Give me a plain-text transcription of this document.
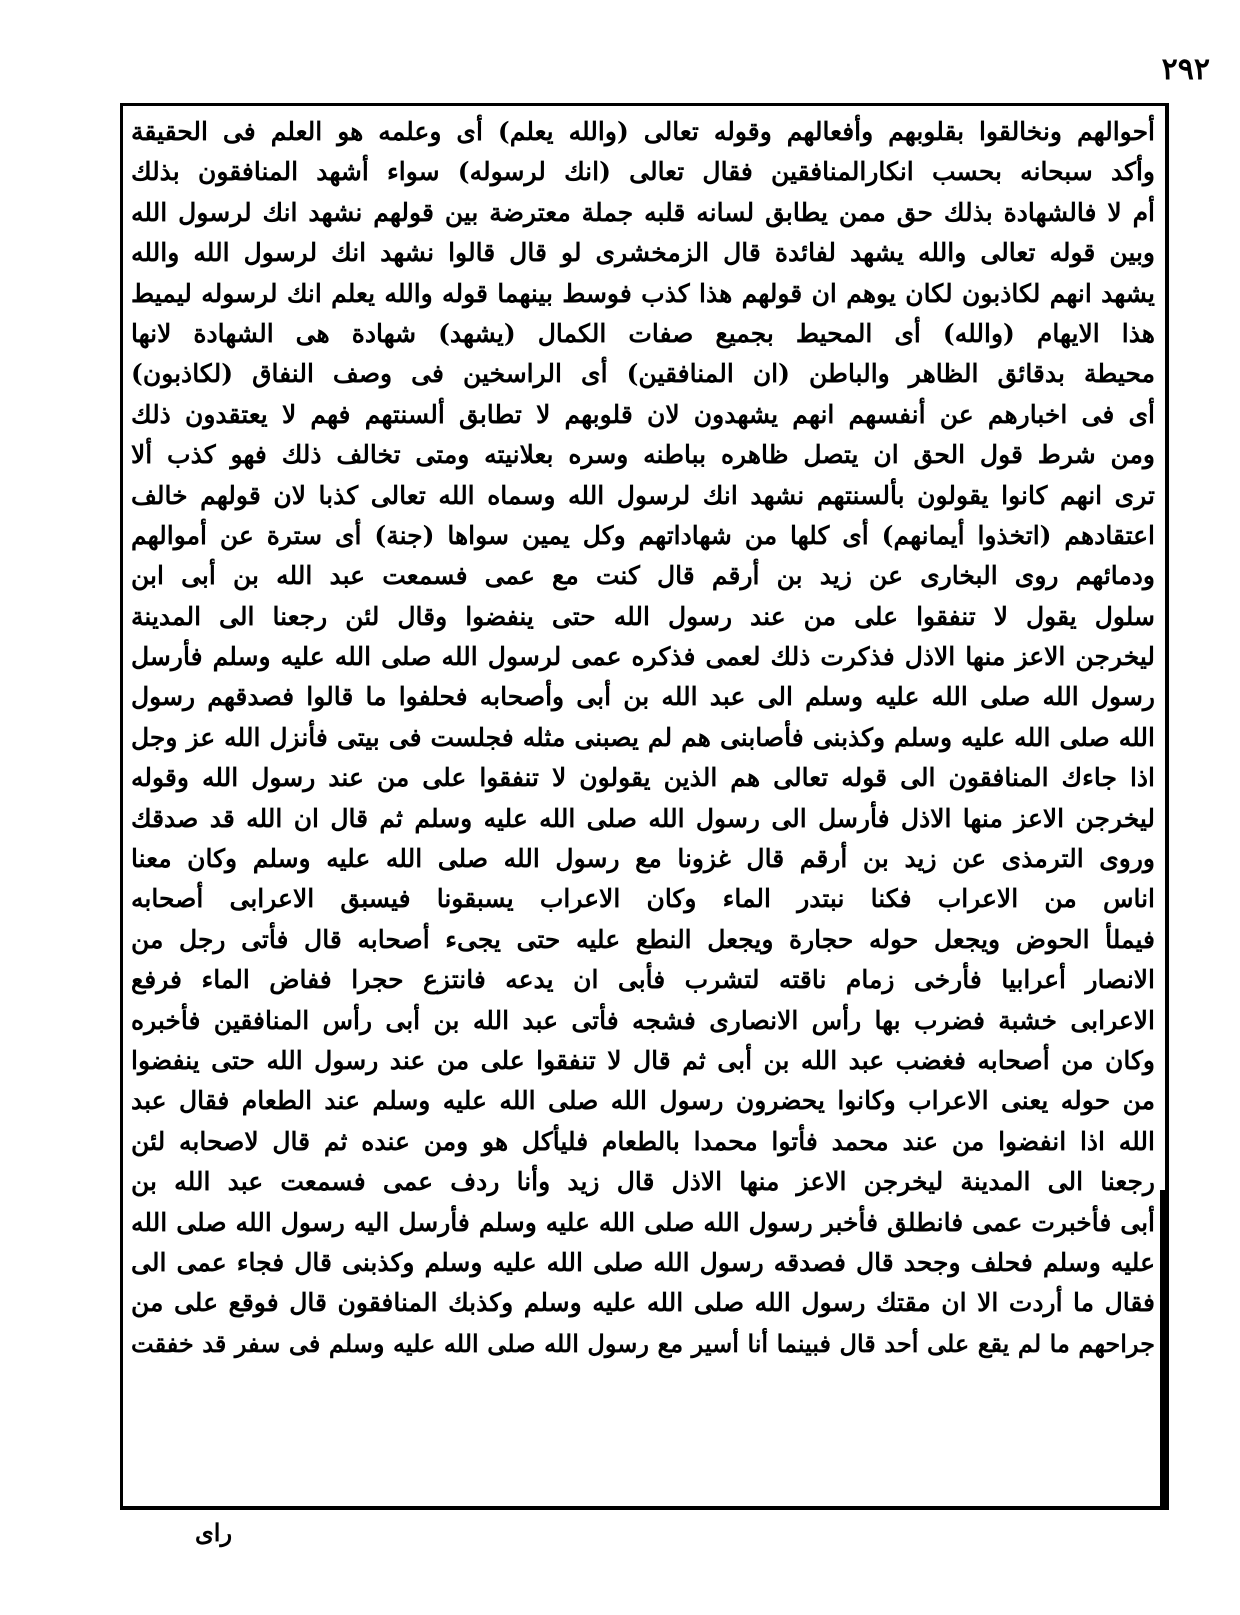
٢٩٢
أحوالهم ونخالقوا بقلوبهم وأفعالهم وقوله تعالى (والله يعلم) أى وعلمه هو العلم فى الحقيقة
وأكد سبحانه بحسب انكارالمنافقين فقال تعالى (انك لرسوله) سواء أشهد المنافقون بذلك
أم لا فالشهادة بذلك حق ممن يطابق لسانه قلبه جملة معترضة بين قولهم نشهد انك لرسول الله
وبين قوله تعالى والله يشهد لفائدة قال الزمخشرى لو قال قالوا نشهد انك لرسول الله والله
يشهد انهم لكاذبون لكان يوهم ان قولهم هذا كذب فوسط بينهما قوله والله يعلم انك لرسوله ليميط
هذا الايهام (والله) أى المحيط بجميع صفات الكمال (يشهد) شهادة هى الشهادة لانها
محيطة بدقائق الظاهر والباطن (ان المنافقين) أى الراسخين فى وصف النفاق (لكاذبون)
أى فى اخبارهم عن أنفسهم انهم يشهدون لان قلوبهم لا تطابق ألسنتهم فهم لا يعتقدون ذلك
ومن شرط قول الحق ان يتصل ظاهره بباطنه وسره بعلانيته ومتى تخالف ذلك فهو كذب ألا
ترى انهم كانوا يقولون بألسنتهم نشهد انك لرسول الله وسماه الله تعالى كذبا لان قولهم خالف
اعتقادهم (اتخذوا أيمانهم) أى كلها من شهاداتهم وكل يمين سواها (جنة) أى سترة عن أموالهم
ودمائهم روى البخارى عن زيد بن أرقم قال كنت مع عمى فسمعت عبد الله بن أبى ابن
سلول يقول لا تنفقوا على من عند رسول الله حتى ينفضوا وقال لئن رجعنا الى المدينة
ليخرجن الاعز منها الاذل فذكرت ذلك لعمى فذكره عمى لرسول الله صلى الله عليه وسلم فأرسل
رسول الله صلى الله عليه وسلم الى عبد الله بن أبى وأصحابه فحلفوا ما قالوا فصدقهم رسول
الله صلى الله عليه وسلم وكذبنى فأصابنى هم لم يصبنى مثله فجلست فى بيتى فأنزل الله عز وجل
اذا جاءك المنافقون الى قوله تعالى هم الذين يقولون لا تنفقوا على من عند رسول الله وقوله
ليخرجن الاعز منها الاذل فأرسل الى رسول الله صلى الله عليه وسلم ثم قال ان الله قد صدقك
وروى الترمذى عن زيد بن أرقم قال غزونا مع رسول الله صلى الله عليه وسلم وكان معنا
اناس من الاعراب فكنا نبتدر الماء وكان الاعراب يسبقونا فيسبق الاعرابى أصحابه
فيملأ الحوض ويجعل حوله حجارة ويجعل النطع عليه حتى يجىء أصحابه قال فأتى رجل من
الانصار أعرابيا فأرخى زمام ناقته لتشرب فأبى ان يدعه فانتزع حجرا ففاض الماء فرفع
الاعرابى خشبة فضرب بها رأس الانصارى فشجه فأتى عبد الله بن أبى رأس المنافقين فأخبره
وكان من أصحابه فغضب عبد الله بن أبى ثم قال لا تنفقوا على من عند رسول الله حتى ينفضوا
من حوله يعنى الاعراب وكانوا يحضرون رسول الله صلى الله عليه وسلم عند الطعام فقال عبد
الله اذا انفضوا من عند محمد فأتوا محمدا بالطعام فليأكل هو ومن عنده ثم قال لاصحابه لئن
رجعنا الى المدينة ليخرجن الاعز منها الاذل قال زيد وأنا ردف عمى فسمعت عبد الله بن
أبى فأخبرت عمى فانطلق فأخبر رسول الله صلى الله عليه وسلم فأرسل اليه رسول الله صلى الله
عليه وسلم فحلف وجحد قال فصدقه رسول الله صلى الله عليه وسلم وكذبنى قال فجاء عمى الى
فقال ما أردت الا ان مقتك رسول الله صلى الله عليه وسلم وكذبك المنافقون قال فوقع على من
جراحهم ما لم يقع على أحد قال فبينما أنا أسير مع رسول الله صلى الله عليه وسلم فى سفر قد خفقت
راى
